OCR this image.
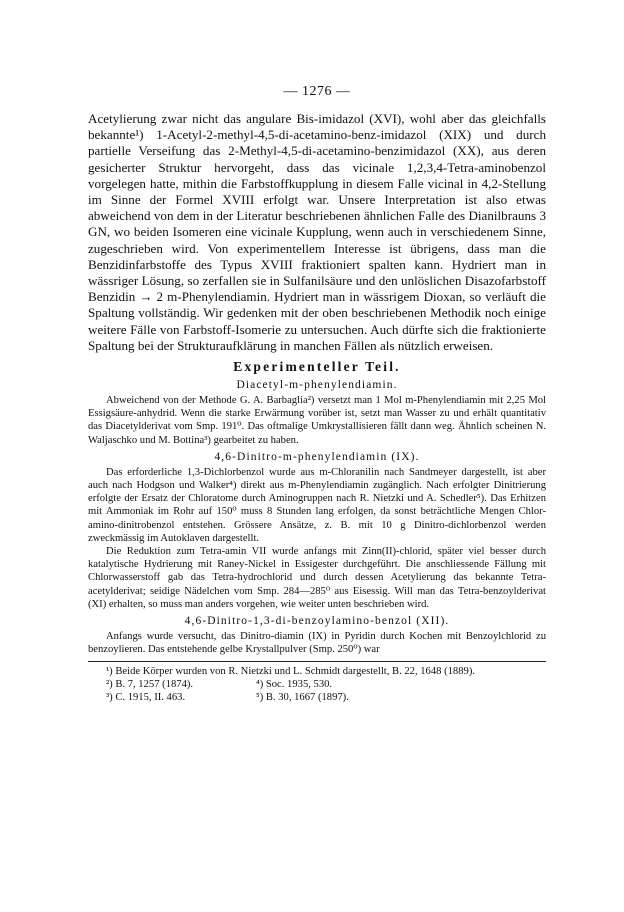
— 1276 —

Acetylierung zwar nicht das angulare Bis-imidazol (XVI), wohl aber das gleichfalls bekannte¹) 1-Acetyl-2-methyl-4,5-di-acetamino-benz-imidazol (XIX) und durch partielle Verseifung das 2-Methyl-4,5-di-acetamino-benzimidazol (XX), aus deren gesicherter Struktur hervorgeht, dass das vicinale 1,2,3,4-Tetra-aminobenzol vorgelegen hatte, mithin die Farbstoffkupplung in diesem Falle vicinal in 4,2-Stellung im Sinne der Formel XVIII erfolgt war. Unsere Interpretation ist also etwas abweichend von dem in der Literatur beschriebenen ähnlichen Falle des Dianilbrauns 3 GN, wo beiden Isomeren eine vicinale Kupplung, wenn auch in verschiedenem Sinne, zugeschrieben wird. Von experimentellem Interesse ist übrigens, dass man die Benzidinfarbstoffe des Typus XVIII fraktioniert spalten kann. Hydriert man in wässriger Lösung, so zerfallen sie in Sulfanilsäure und den unlöslichen Disazofarbstoff Benzidin → 2 m-Phenylendiamin. Hydriert man in wässrigem Dioxan, so verläuft die Spaltung vollständig. Wir gedenken mit der oben beschriebenen Methodik noch einige weitere Fälle von Farbstoff-Isomerie zu untersuchen. Auch dürfte sich die fraktionierte Spaltung bei der Strukturaufklärung in manchen Fällen als nützlich erweisen.

Experimenteller Teil.
Diacetyl-m-phenylendiamin.

Abweichend von der Methode G. A. Barbaglia²) versetzt man 1 Mol m-Phenylendiamin mit 2,25 Mol Essigsäure-anhydrid. Wenn die starke Erwärmung vorüber ist, setzt man Wasser zu und erhält quantitativ das Diacetylderivat vom Smp. 191⁰. Das oftmalige Umkrystallisieren fällt dann weg. Ähnlich scheinen N. Waljaschko und M. Bottina³) gearbeitet zu haben.

4,6-Dinitro-m-phenylendiamin (IX).

Das erforderliche 1,3-Dichlorbenzol wurde aus m-Chloranilin nach Sandmeyer dargestellt, ist aber auch nach Hodgson und Walker⁴) direkt aus m-Phenylendiamin zugänglich. Nach erfolgter Dinitrierung erfolgte der Ersatz der Chloratome durch Aminogruppen nach R. Nietzki und A. Schedler⁵). Das Erhitzen mit Ammoniak im Rohr auf 150⁰ muss 8 Stunden lang erfolgen, da sonst beträchtliche Mengen Chlor-amino-dinitrobenzol entstehen. Grössere Ansätze, z. B. mit 10 g Dinitro-dichlorbenzol werden zweckmässig im Autoklaven dargestellt.

Die Reduktion zum Tetra-amin VII wurde anfangs mit Zinn(II)-chlorid, später viel besser durch katalytische Hydrierung mit Raney-Nickel in Essigester durchgeführt. Die anschliessende Fällung mit Chlorwasserstoff gab das Tetra-hydrochlorid und durch dessen Acetylierung das bekannte Tetra-acetylderivat; seidige Nädelchen vom Smp. 284—285⁰ aus Eisessig. Will man das Tetra-benzoylderivat (XI) erhalten, so muss man anders vorgehen, wie weiter unten beschrieben wird.

4,6-Dinitro-1,3-di-benzoylamino-benzol (XII).

Anfangs wurde versucht, das Dinitro-diamin (IX) in Pyridin durch Kochen mit Benzoylchlorid zu benzoylieren. Das entstehende gelbe Krystallpulver (Smp. 250⁰) war

¹) Beide Körper wurden von R. Nietzki und L. Schmidt dargestellt, B. 22, 1648 (1889).

²) B. 7, 1257 (1874).	⁴) Soc. 1935, 530.
³) C. 1915, II. 463.	⁵) B. 30, 1667 (1897).
